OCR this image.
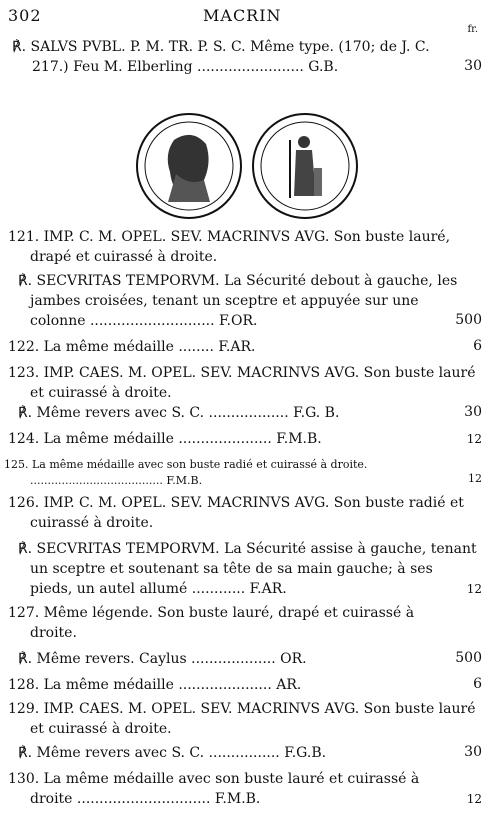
302	MACRIN
fr.
℟. SALVS PVBL. P. M. TR. P. S. C. Même type. (170; de J. C.
217.) Feu M. Elberling ........................ G.B.	30
121. IMP. C. M. OPEL. SEV. MACRINVS AVG. Son buste lauré,
drapé et cuirassé à droite.
℟. SECVRITAS TEMPORVM. La Sécurité debout à gauche, les
jambes croisées, tenant un sceptre et appuyée sur une
colonne ............................ F.OR.	500
122. La même médaille ........ F.AR.	6
123. IMP. CAES. M. OPEL. SEV. MACRINVS AVG. Son buste lauré
et cuirassé à droite.
℟. Même revers avec S. C. .................. F.G. B.	30
124. La même médaille ..................... F.M.B.	12
125. La même médaille avec son buste radié et cuirassé à droite.
...................................... F.M.B.	12
126. IMP. C. M. OPEL. SEV. MACRINVS AVG. Son buste radié et
cuirassé à droite.
℟. SECVRITAS TEMPORVM. La Sécurité assise à gauche, tenant
un sceptre et soutenant sa tête de sa main gauche; à ses
pieds, un autel allumé ............ F.AR.	12
127. Même légende. Son buste lauré, drapé et cuirassé à
droite.
℟. Même revers. Caylus ................... OR.	500
128. La même médaille ..................... AR.	6
129. IMP. CAES. M. OPEL. SEV. MACRINVS AVG. Son buste lauré
et cuirassé à droite.
℟. Même revers avec S. C. ................ F.G.B.	30
130. La même médaille avec son buste lauré et cuirassé à
droite .............................. F.M.B.	12
